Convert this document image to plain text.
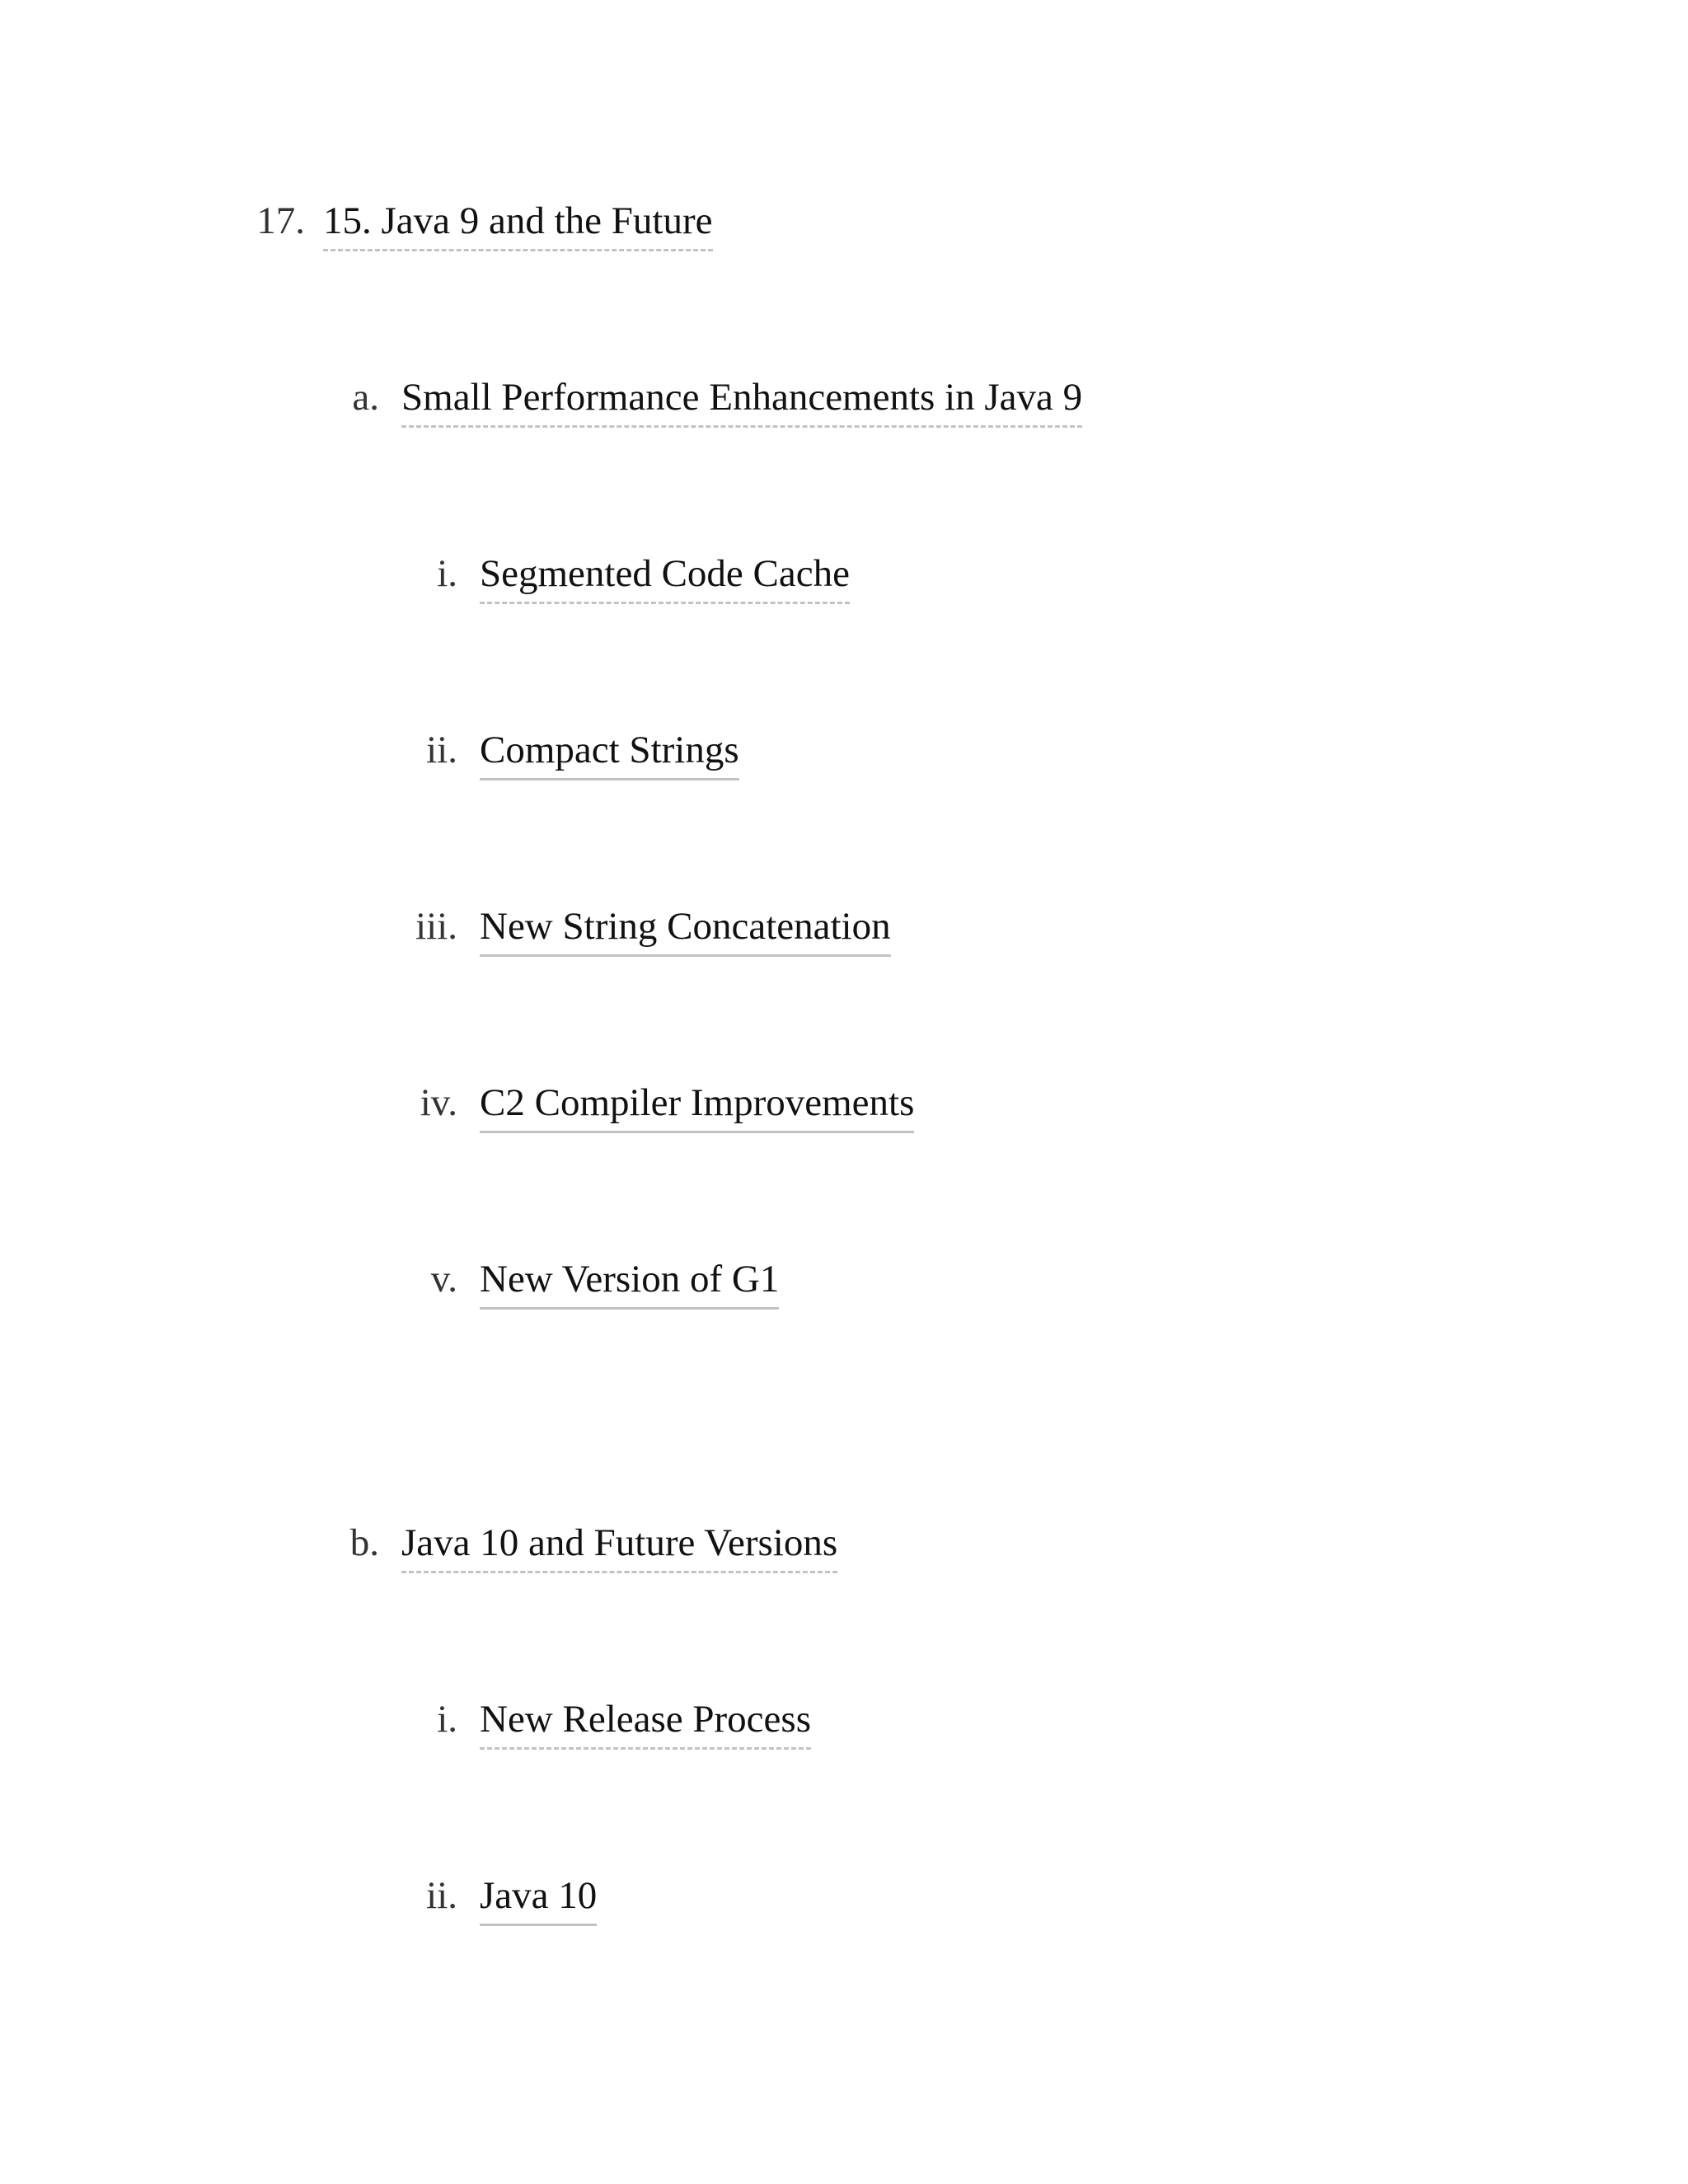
17. 15. Java 9 and the Future
a. Small Performance Enhancements in Java 9
i. Segmented Code Cache
ii. Compact Strings
iii. New String Concatenation
iv. C2 Compiler Improvements
v. New Version of G1
b. Java 10 and Future Versions
i. New Release Process
ii. Java 10
